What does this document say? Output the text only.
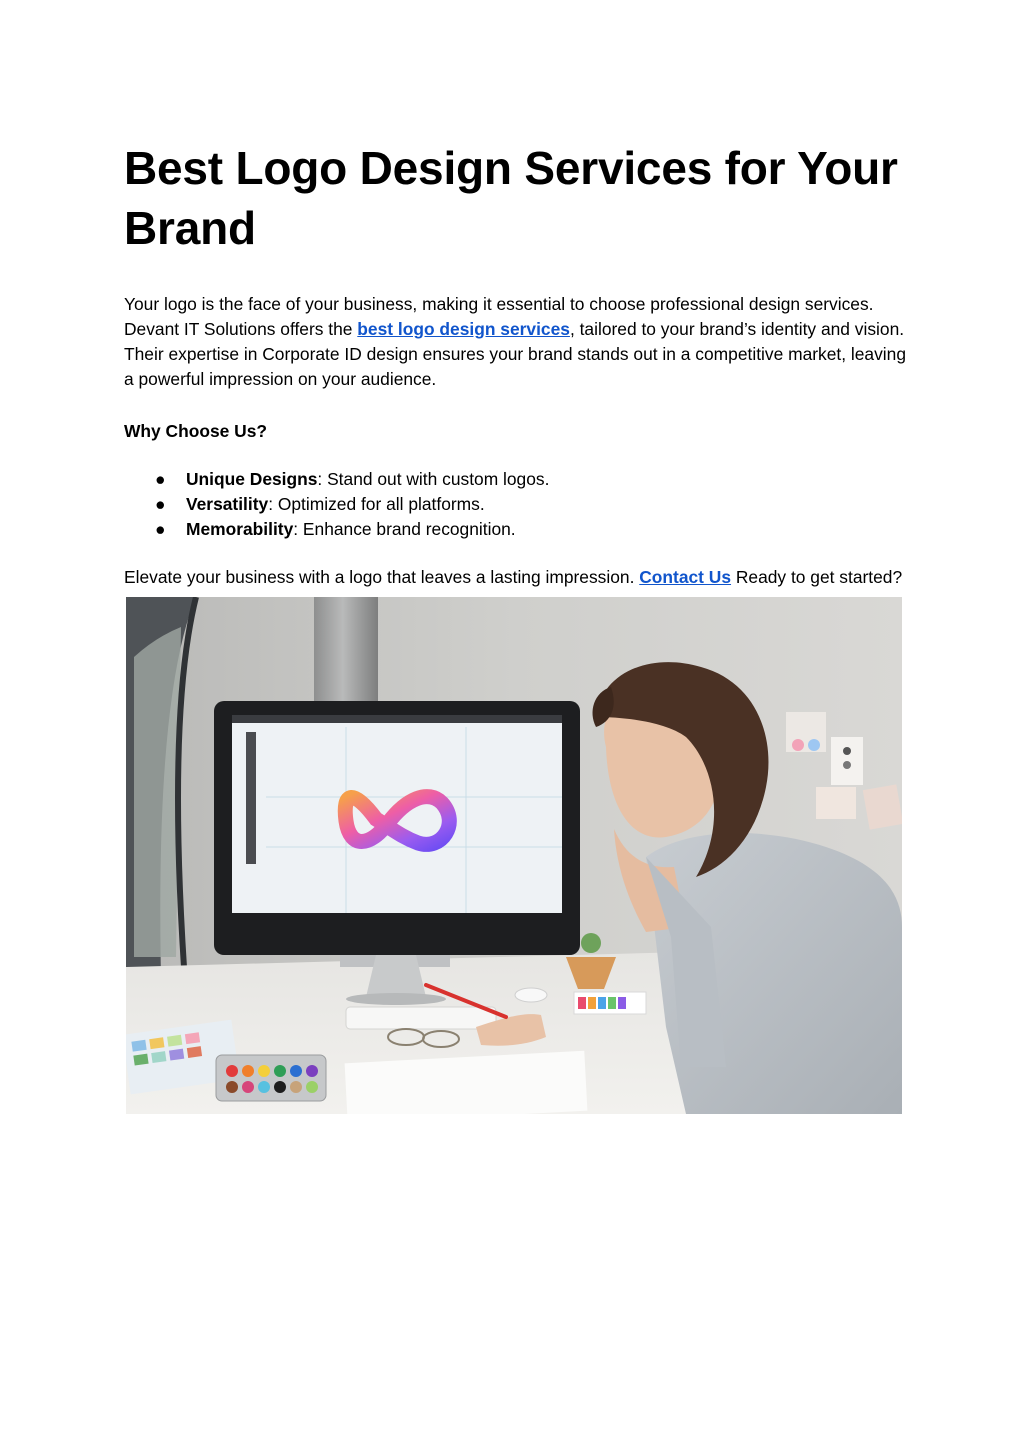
Best Logo Design Services for Your Brand

Your logo is the face of your business, making it essential to choose professional design services. Devant IT Solutions offers the best logo design services, tailored to your brand’s identity and vision. Their expertise in Corporate ID design ensures your brand stands out in a competitive market, leaving a powerful impression on your audience.

Why Choose Us?

● Unique Designs: Stand out with custom logos.
● Versatility: Optimized for all platforms.
● Memorability: Enhance brand recognition.

Elevate your business with a logo that leaves a lasting impression. Contact Us Ready to get started?
